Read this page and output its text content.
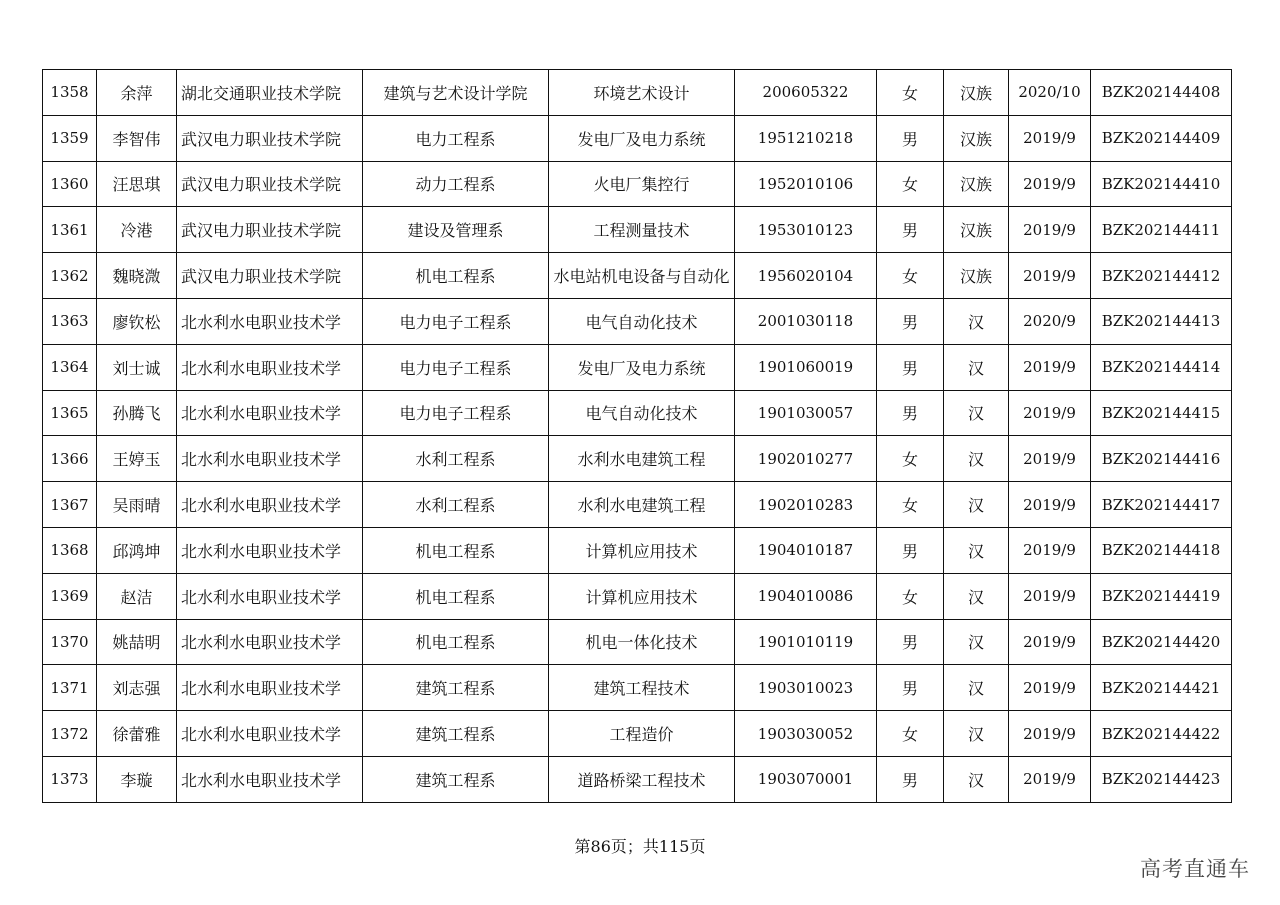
1358	余萍	湖北交通职业技术学院	建筑与艺术设计学院	环境艺术设计	200605322	女	汉族	2020/10	BZK202144408
1359	李智伟	武汉电力职业技术学院	电力工程系	发电厂及电力系统	1951210218	男	汉族	2019/9	BZK202144409
1360	汪思琪	武汉电力职业技术学院	动力工程系	火电厂集控行	1952010106	女	汉族	2019/9	BZK202144410
1361	冷港	武汉电力职业技术学院	建设及管理系	工程测量技术	1953010123	男	汉族	2019/9	BZK202144411
1362	魏晓溦	武汉电力职业技术学院	机电工程系	水电站机电设备与自动化	1956020104	女	汉族	2019/9	BZK202144412
1363	廖钦松	北水利水电职业技术学	电力电子工程系	电气自动化技术	2001030118	男	汉	2020/9	BZK202144413
1364	刘士诚	北水利水电职业技术学	电力电子工程系	发电厂及电力系统	1901060019	男	汉	2019/9	BZK202144414
1365	孙腾飞	北水利水电职业技术学	电力电子工程系	电气自动化技术	1901030057	男	汉	2019/9	BZK202144415
1366	王婷玉	北水利水电职业技术学	水利工程系	水利水电建筑工程	1902010277	女	汉	2019/9	BZK202144416
1367	吴雨晴	北水利水电职业技术学	水利工程系	水利水电建筑工程	1902010283	女	汉	2019/9	BZK202144417
1368	邱鸿坤	北水利水电职业技术学	机电工程系	计算机应用技术	1904010187	男	汉	2019/9	BZK202144418
1369	赵洁	北水利水电职业技术学	机电工程系	计算机应用技术	1904010086	女	汉	2019/9	BZK202144419
1370	姚喆明	北水利水电职业技术学	机电工程系	机电一体化技术	1901010119	男	汉	2019/9	BZK202144420
1371	刘志强	北水利水电职业技术学	建筑工程系	建筑工程技术	1903010023	男	汉	2019/9	BZK202144421
1372	徐蕾雅	北水利水电职业技术学	建筑工程系	工程造价	1903030052	女	汉	2019/9	BZK202144422
1373	李璇	北水利水电职业技术学	建筑工程系	道路桥梁工程技术	1903070001	男	汉	2019/9	BZK202144423
第86页；共115页
高考直通车
